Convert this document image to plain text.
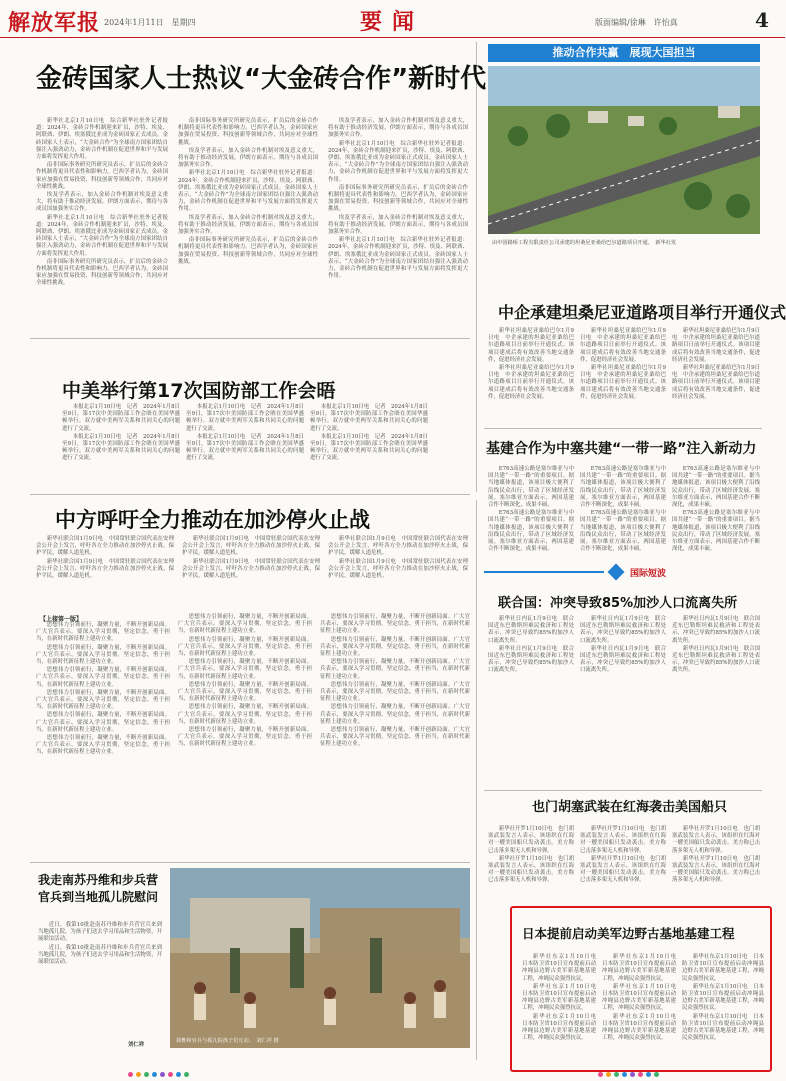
解放军报 2024年1月11日　星期四	要闻	版面编辑/徐琳　许怡真	4
金砖国家人士热议“大金砖合作”新时代

新华社北京1月10日电　综合新华社驻外记者报道：2024年，金砖合作机制迎来扩员，沙特、埃及、阿联酋、伊朗、埃塞俄比亚成为金砖国家正式成员。金砖国家人士表示，“大金砖合作”为全球南方国家团结自强注入强劲动力，金砖合作机制在促进世界和平与发展方面将发挥更大作用。

南非国际事务研究所研究员表示，扩员后的金砖合作机制将更具代表性和影响力。巴西学者认为，金砖国家应加强在贸易投资、科技创新等领域合作，共同应对全球性挑战。

埃及学者表示，加入金砖合作机制对埃及意义重大，将有助于推动经济发展。伊朗方面表示，期待与各成员国加强务实合作。

新华社北京1月10日电　综合新华社驻外记者报道：2024年，金砖合作机制迎来扩员，沙特、埃及、阿联酋、伊朗、埃塞俄比亚成为金砖国家正式成员。金砖国家人士表示，“大金砖合作”为全球南方国家团结自强注入强劲动力，金砖合作机制在促进世界和平与发展方面将发挥更大作用。

南非国际事务研究所研究员表示，扩员后的金砖合作机制将更具代表性和影响力。巴西学者认为，金砖国家应加强在贸易投资、科技创新等领域合作，共同应对全球性挑战。

南非国际事务研究所研究员表示，扩员后的金砖合作机制将更具代表性和影响力。巴西学者认为，金砖国家应加强在贸易投资、科技创新等领域合作，共同应对全球性挑战。

埃及学者表示，加入金砖合作机制对埃及意义重大，将有助于推动经济发展。伊朗方面表示，期待与各成员国加强务实合作。

新华社北京1月10日电　综合新华社驻外记者报道：2024年，金砖合作机制迎来扩员，沙特、埃及、阿联酋、伊朗、埃塞俄比亚成为金砖国家正式成员。金砖国家人士表示，“大金砖合作”为全球南方国家团结自强注入强劲动力，金砖合作机制在促进世界和平与发展方面将发挥更大作用。

埃及学者表示，加入金砖合作机制对埃及意义重大，将有助于推动经济发展。伊朗方面表示，期待与各成员国加强务实合作。

南非国际事务研究所研究员表示，扩员后的金砖合作机制将更具代表性和影响力。巴西学者认为，金砖国家应加强在贸易投资、科技创新等领域合作，共同应对全球性挑战。

埃及学者表示，加入金砖合作机制对埃及意义重大，将有助于推动经济发展。伊朗方面表示，期待与各成员国加强务实合作。

新华社北京1月10日电　综合新华社驻外记者报道：2024年，金砖合作机制迎来扩员，沙特、埃及、阿联酋、伊朗、埃塞俄比亚成为金砖国家正式成员。金砖国家人士表示，“大金砖合作”为全球南方国家团结自强注入强劲动力，金砖合作机制在促进世界和平与发展方面将发挥更大作用。

南非国际事务研究所研究员表示，扩员后的金砖合作机制将更具代表性和影响力。巴西学者认为，金砖国家应加强在贸易投资、科技创新等领域合作，共同应对全球性挑战。

埃及学者表示，加入金砖合作机制对埃及意义重大，将有助于推动经济发展。伊朗方面表示，期待与各成员国加强务实合作。

新华社北京1月10日电　综合新华社驻外记者报道：2024年，金砖合作机制迎来扩员，沙特、埃及、阿联酋、伊朗、埃塞俄比亚成为金砖国家正式成员。金砖国家人士表示，“大金砖合作”为全球南方国家团结自强注入强劲动力，金砖合作机制在促进世界和平与发展方面将发挥更大作用。

中美举行第17次国防部工作会晤

本报北京1月10日电　记者　2024年1月8日至9日，第17次中美国防部工作会晤在美国华盛顿举行。双方就中美两军关系和共同关心的问题进行了交流。

本报北京1月10日电　记者　2024年1月8日至9日，第17次中美国防部工作会晤在美国华盛顿举行。双方就中美两军关系和共同关心的问题进行了交流。

本报北京1月10日电　记者　2024年1月8日至9日，第17次中美国防部工作会晤在美国华盛顿举行。双方就中美两军关系和共同关心的问题进行了交流。

本报北京1月10日电　记者　2024年1月8日至9日，第17次中美国防部工作会晤在美国华盛顿举行。双方就中美两军关系和共同关心的问题进行了交流。

本报北京1月10日电　记者　2024年1月8日至9日，第17次中美国防部工作会晤在美国华盛顿举行。双方就中美两军关系和共同关心的问题进行了交流。

本报北京1月10日电　记者　2024年1月8日至9日，第17次中美国防部工作会晤在美国华盛顿举行。双方就中美两军关系和共同关心的问题进行了交流。

中方呼吁全力推动在加沙停火止战

新华社联合国1月9日电　中国常驻联合国代表在安理会公开会上发言，呼吁各方全力推动在加沙停火止战，保护平民，缓解人道危机。

新华社联合国1月9日电　中国常驻联合国代表在安理会公开会上发言，呼吁各方全力推动在加沙停火止战，保护平民，缓解人道危机。

新华社联合国1月9日电　中国常驻联合国代表在安理会公开会上发言，呼吁各方全力推动在加沙停火止战，保护平民，缓解人道危机。

新华社联合国1月9日电　中国常驻联合国代表在安理会公开会上发言，呼吁各方全力推动在加沙停火止战，保护平民，缓解人道危机。

新华社联合国1月9日电　中国常驻联合国代表在安理会公开会上发言，呼吁各方全力推动在加沙停火止战，保护平民，缓解人道危机。

新华社联合国1月9日电　中国常驻联合国代表在安理会公开会上发言，呼吁各方全力推动在加沙停火止战，保护平民，缓解人道危机。

【上接第一版】

思想伟力引领前行，凝聚力量，不断开创新局面。广大官兵表示，要深入学习贯彻，坚定信念，勇于担当，在新时代新征程上建功立业。

思想伟力引领前行，凝聚力量，不断开创新局面。广大官兵表示，要深入学习贯彻，坚定信念，勇于担当，在新时代新征程上建功立业。

思想伟力引领前行，凝聚力量，不断开创新局面。广大官兵表示，要深入学习贯彻，坚定信念，勇于担当，在新时代新征程上建功立业。

思想伟力引领前行，凝聚力量，不断开创新局面。广大官兵表示，要深入学习贯彻，坚定信念，勇于担当，在新时代新征程上建功立业。

思想伟力引领前行，凝聚力量，不断开创新局面。广大官兵表示，要深入学习贯彻，坚定信念，勇于担当，在新时代新征程上建功立业。

思想伟力引领前行，凝聚力量，不断开创新局面。广大官兵表示，要深入学习贯彻，坚定信念，勇于担当，在新时代新征程上建功立业。

思想伟力引领前行，凝聚力量，不断开创新局面。广大官兵表示，要深入学习贯彻，坚定信念，勇于担当，在新时代新征程上建功立业。

思想伟力引领前行，凝聚力量，不断开创新局面。广大官兵表示，要深入学习贯彻，坚定信念，勇于担当，在新时代新征程上建功立业。

思想伟力引领前行，凝聚力量，不断开创新局面。广大官兵表示，要深入学习贯彻，坚定信念，勇于担当，在新时代新征程上建功立业。

思想伟力引领前行，凝聚力量，不断开创新局面。广大官兵表示，要深入学习贯彻，坚定信念，勇于担当，在新时代新征程上建功立业。

思想伟力引领前行，凝聚力量，不断开创新局面。广大官兵表示，要深入学习贯彻，坚定信念，勇于担当，在新时代新征程上建功立业。

思想伟力引领前行，凝聚力量，不断开创新局面。广大官兵表示，要深入学习贯彻，坚定信念，勇于担当，在新时代新征程上建功立业。

思想伟力引领前行，凝聚力量，不断开创新局面。广大官兵表示，要深入学习贯彻，坚定信念，勇于担当，在新时代新征程上建功立业。

思想伟力引领前行，凝聚力量，不断开创新局面。广大官兵表示，要深入学习贯彻，坚定信念，勇于担当，在新时代新征程上建功立业。

思想伟力引领前行，凝聚力量，不断开创新局面。广大官兵表示，要深入学习贯彻，坚定信念，勇于担当，在新时代新征程上建功立业。

思想伟力引领前行，凝聚力量，不断开创新局面。广大官兵表示，要深入学习贯彻，坚定信念，勇于担当，在新时代新征程上建功立业。

思想伟力引领前行，凝聚力量，不断开创新局面。广大官兵表示，要深入学习贯彻，坚定信念，勇于担当，在新时代新征程上建功立业。

思想伟力引领前行，凝聚力量，不断开创新局面。广大官兵表示，要深入学习贯彻，坚定信念，勇于担当，在新时代新征程上建功立业。

我走南苏丹维和步兵营官兵到当地孤儿院慰问

近日，我第10批赴南苏丹维和步兵营官兵来到当地孤儿院，为孩子们送去学习用品和生活物资，开展联谊活动。

近日，我第10批赴南苏丹维和步兵营官兵来到当地孤儿院，为孩子们送去学习用品和生活物资，开展联谊活动。

刘仁祥
我维和官兵与孤儿院孩子们互动。　刘仁祥 摄
推动合作共赢　展现大国担当
由中国路桥工程有限责任公司承建的坦桑尼亚桑给巴尔道路项目开通。　新华社发
中企承建坦桑尼亚道路项目举行开通仪式

新华社坦桑尼亚桑给巴尔1月9日电　中企承建的坦桑尼亚桑给巴尔道路项目日前举行开通仪式。该项目建成后将有效改善当地交通条件，促进经济社会发展。

新华社坦桑尼亚桑给巴尔1月9日电　中企承建的坦桑尼亚桑给巴尔道路项目日前举行开通仪式。该项目建成后将有效改善当地交通条件，促进经济社会发展。

新华社坦桑尼亚桑给巴尔1月9日电　中企承建的坦桑尼亚桑给巴尔道路项目日前举行开通仪式。该项目建成后将有效改善当地交通条件，促进经济社会发展。

新华社坦桑尼亚桑给巴尔1月9日电　中企承建的坦桑尼亚桑给巴尔道路项目日前举行开通仪式。该项目建成后将有效改善当地交通条件，促进经济社会发展。

新华社坦桑尼亚桑给巴尔1月9日电　中企承建的坦桑尼亚桑给巴尔道路项目日前举行开通仪式。该项目建成后将有效改善当地交通条件，促进经济社会发展。

新华社坦桑尼亚桑给巴尔1月9日电　中企承建的坦桑尼亚桑给巴尔道路项目日前举行开通仪式。该项目建成后将有效改善当地交通条件，促进经济社会发展。

基建合作为中塞共建“一带一路”注入新动力

E763高速公路是塞尔维亚与中国共建“一带一路”的重要项目。据当地媒体报道，该项目极大便利了沿线民众出行，带动了区域经济发展。塞尔维亚方面表示，两国基建合作不断深化，成果丰硕。

E763高速公路是塞尔维亚与中国共建“一带一路”的重要项目。据当地媒体报道，该项目极大便利了沿线民众出行，带动了区域经济发展。塞尔维亚方面表示，两国基建合作不断深化，成果丰硕。

E763高速公路是塞尔维亚与中国共建“一带一路”的重要项目。据当地媒体报道，该项目极大便利了沿线民众出行，带动了区域经济发展。塞尔维亚方面表示，两国基建合作不断深化，成果丰硕。

E763高速公路是塞尔维亚与中国共建“一带一路”的重要项目。据当地媒体报道，该项目极大便利了沿线民众出行，带动了区域经济发展。塞尔维亚方面表示，两国基建合作不断深化，成果丰硕。

E763高速公路是塞尔维亚与中国共建“一带一路”的重要项目。据当地媒体报道，该项目极大便利了沿线民众出行，带动了区域经济发展。塞尔维亚方面表示，两国基建合作不断深化，成果丰硕。

E763高速公路是塞尔维亚与中国共建“一带一路”的重要项目。据当地媒体报道，该项目极大便利了沿线民众出行，带动了区域经济发展。塞尔维亚方面表示，两国基建合作不断深化，成果丰硕。

国际短波
联合国：冲突导致85%加沙人口流离失所

新华社日内瓦1月9日电　联合国近东巴勒斯坦难民救济和工程处表示，冲突已导致约85%的加沙人口流离失所。

新华社日内瓦1月9日电　联合国近东巴勒斯坦难民救济和工程处表示，冲突已导致约85%的加沙人口流离失所。

新华社日内瓦1月9日电　联合国近东巴勒斯坦难民救济和工程处表示，冲突已导致约85%的加沙人口流离失所。

新华社日内瓦1月9日电　联合国近东巴勒斯坦难民救济和工程处表示，冲突已导致约85%的加沙人口流离失所。

新华社日内瓦1月9日电　联合国近东巴勒斯坦难民救济和工程处表示，冲突已导致约85%的加沙人口流离失所。

新华社日内瓦1月9日电　联合国近东巴勒斯坦难民救济和工程处表示，冲突已导致约85%的加沙人口流离失所。

也门胡塞武装在红海袭击美国船只

新华社开罗1月10日电　也门胡塞武装发言人表示，该组织在红海对一艘美国船只发动袭击。美方称已击落多架无人机和导弹。

新华社开罗1月10日电　也门胡塞武装发言人表示，该组织在红海对一艘美国船只发动袭击。美方称已击落多架无人机和导弹。

新华社开罗1月10日电　也门胡塞武装发言人表示，该组织在红海对一艘美国船只发动袭击。美方称已击落多架无人机和导弹。

新华社开罗1月10日电　也门胡塞武装发言人表示，该组织在红海对一艘美国船只发动袭击。美方称已击落多架无人机和导弹。

新华社开罗1月10日电　也门胡塞武装发言人表示，该组织在红海对一艘美国船只发动袭击。美方称已击落多架无人机和导弹。

新华社开罗1月10日电　也门胡塞武装发言人表示，该组织在红海对一艘美国船只发动袭击。美方称已击落多架无人机和导弹。

日本提前启动美军边野古基地基建工程

新华社东京1月10日电　日本防卫省10日宣布提前启动冲绳县边野古美军新基地基建工程，冲绳民众强烈抗议。

新华社东京1月10日电　日本防卫省10日宣布提前启动冲绳县边野古美军新基地基建工程，冲绳民众强烈抗议。

新华社东京1月10日电　日本防卫省10日宣布提前启动冲绳县边野古美军新基地基建工程，冲绳民众强烈抗议。

新华社东京1月10日电　日本防卫省10日宣布提前启动冲绳县边野古美军新基地基建工程，冲绳民众强烈抗议。

新华社东京1月10日电　日本防卫省10日宣布提前启动冲绳县边野古美军新基地基建工程，冲绳民众强烈抗议。

新华社东京1月10日电　日本防卫省10日宣布提前启动冲绳县边野古美军新基地基建工程，冲绳民众强烈抗议。

新华社东京1月10日电　日本防卫省10日宣布提前启动冲绳县边野古美军新基地基建工程，冲绳民众强烈抗议。

新华社东京1月10日电　日本防卫省10日宣布提前启动冲绳县边野古美军新基地基建工程，冲绳民众强烈抗议。

新华社东京1月10日电　日本防卫省10日宣布提前启动冲绳县边野古美军新基地基建工程，冲绳民众强烈抗议。
